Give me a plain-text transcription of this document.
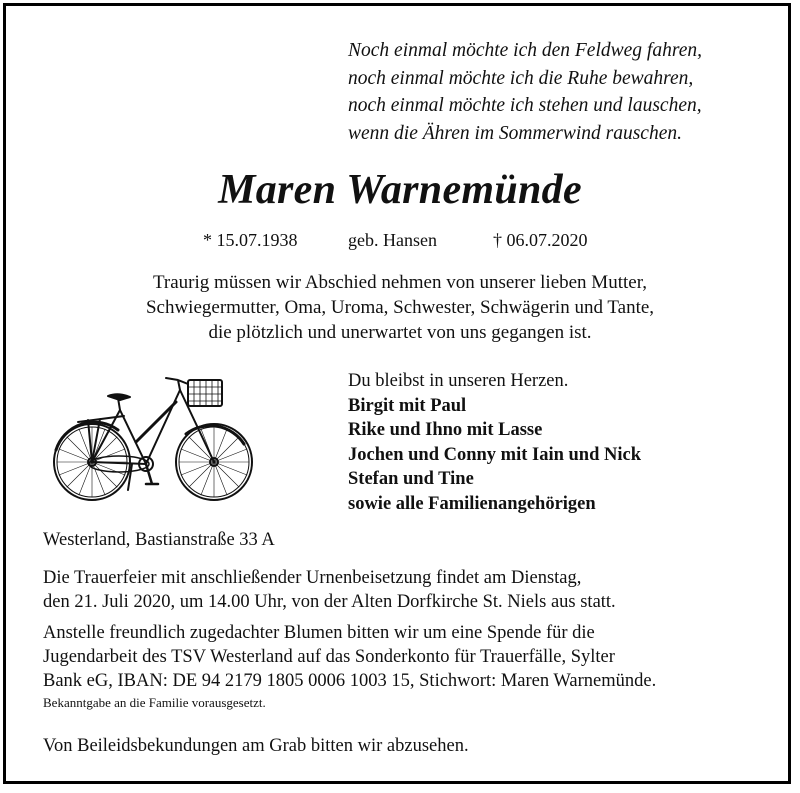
Noch einmal möchte ich den Feldweg fahren,
noch einmal möchte ich die Ruhe bewahren,
noch einmal möchte ich stehen und lauschen,
wenn die Ähren im Sommerwind rauschen.
Maren Warnemünde
* 15.07.1938	geb. Hansen	† 06.07.2020
Traurig müssen wir Abschied nehmen von unserer lieben Mutter,
Schwiegermutter, Oma, Uroma, Schwester, Schwägerin und Tante,
die plötzlich und unerwartet von uns gegangen ist.
Du bleibst in unseren Herzen.
Birgit mit Paul
Rike und Ihno mit Lasse
Jochen und Conny mit Iain und Nick
Stefan und Tine
sowie alle Familienangehörigen
Westerland, Bastianstraße 33 A
Die Trauerfeier mit anschließender Urnenbeisetzung findet am Dienstag,
den 21. Juli 2020, um 14.00 Uhr, von der Alten Dorfkirche St. Niels aus statt.
Anstelle freundlich zugedachter Blumen bitten wir um eine Spende für die
Jugendarbeit des TSV Westerland auf das Sonderkonto für Trauerfälle, Sylter
Bank eG, IBAN: DE 94 2179 1805 0006 1003 15, Stichwort: Maren Warnemünde.
Bekanntgabe an die Familie vorausgesetzt.
Von Beileidsbekundungen am Grab bitten wir abzusehen.
